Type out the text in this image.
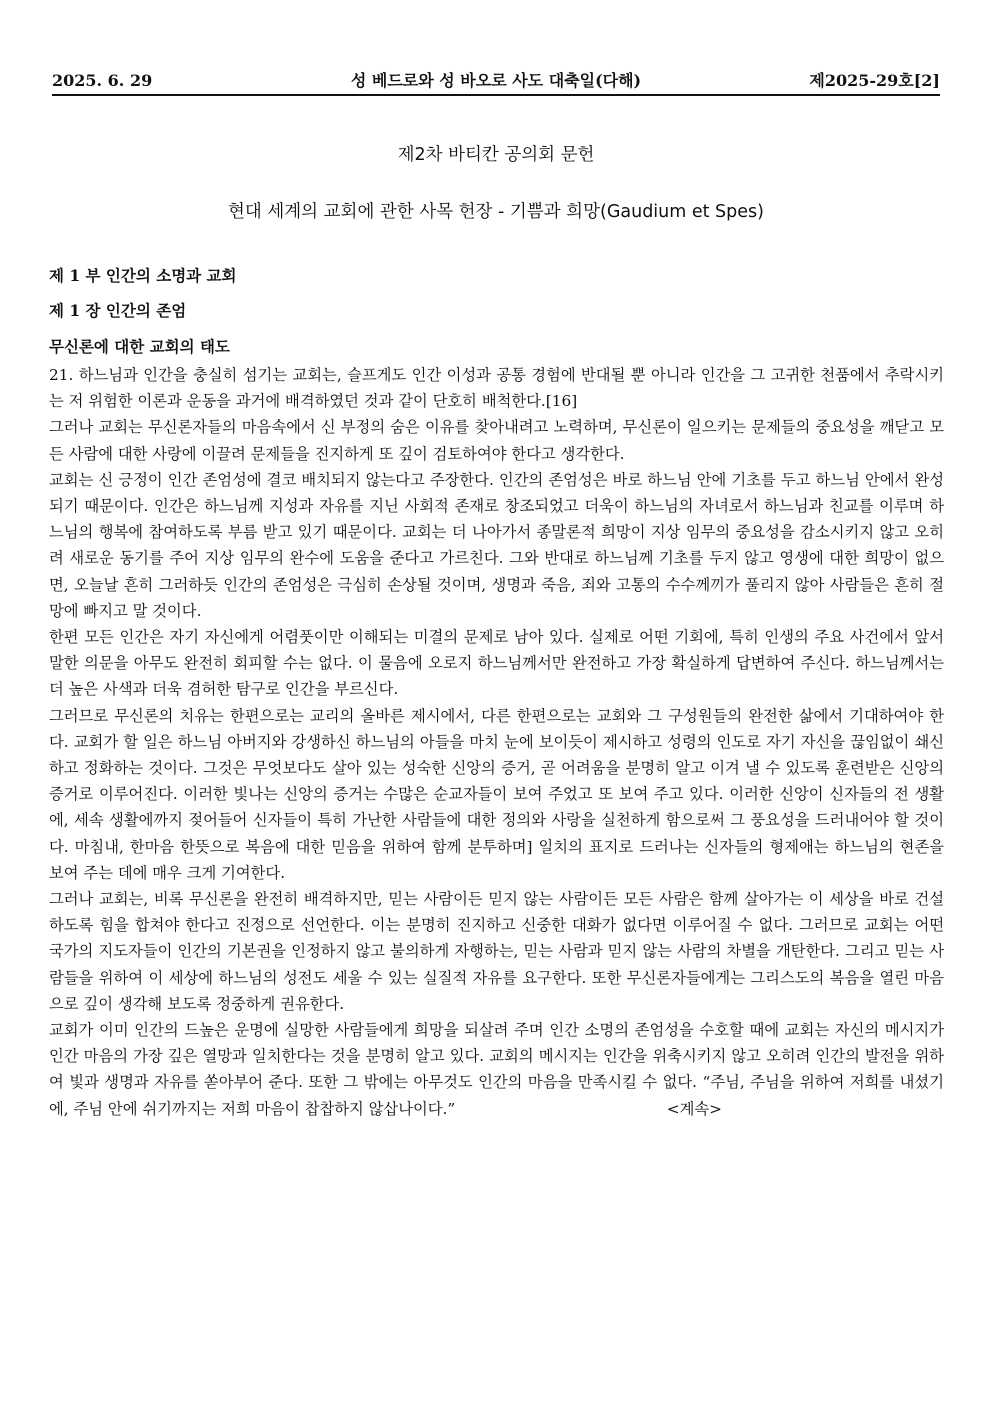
2025. 6. 29	성 베드로와 성 바오로 사도 대축일(다해)	제2025-29호[2]
제2차 바티칸 공의회 문헌
현대 세계의 교회에 관한 사목 헌장 - 기쁨과 희망(Gaudium et Spes)
제 1 부 인간의 소명과 교회
제 1 장 인간의 존엄
무신론에 대한 교회의 태도

21. 하느님과 인간을 충실히 섬기는 교회는, 슬프게도 인간 이성과 공통 경험에 반대될 뿐 아니라 인간을 그 고귀한 천품에서 추락시키는 저 위험한 이론과 운동을 과거에 배격하였던 것과 같이 단호히 배척한다.[16]

그러나 교회는 무신론자들의 마음속에서 신 부정의 숨은 이유를 찾아내려고 노력하며, 무신론이 일으키는 문제들의 중요성을 깨닫고 모든 사람에 대한 사랑에 이끌려 문제들을 진지하게 또 깊이 검토하여야 한다고 생각한다.

교회는 신 긍정이 인간 존엄성에 결코 배치되지 않는다고 주장한다. 인간의 존엄성은 바로 하느님 안에 기초를 두고 하느님 안에서 완성되기 때문이다. 인간은 하느님께 지성과 자유를 지닌 사회적 존재로 창조되었고 더욱이 하느님의 자녀로서 하느님과 친교를 이루며 하느님의 행복에 참여하도록 부름 받고 있기 때문이다. 교회는 더 나아가서 종말론적 희망이 지상 임무의 중요성을 감소시키지 않고 오히려 새로운 동기를 주어 지상 임무의 완수에 도움을 준다고 가르친다. 그와 반대로 하느님께 기초를 두지 않고 영생에 대한 희망이 없으면, 오늘날 흔히 그러하듯 인간의 존엄성은 극심히 손상될 것이며, 생명과 죽음, 죄와 고통의 수수께끼가 풀리지 않아 사람들은 흔히 절망에 빠지고 말 것이다.

한편 모든 인간은 자기 자신에게 어렴풋이만 이해되는 미결의 문제로 남아 있다. 실제로 어떤 기회에, 특히 인생의 주요 사건에서 앞서 말한 의문을 아무도 완전히 회피할 수는 없다. 이 물음에 오로지 하느님께서만 완전하고 가장 확실하게 답변하여 주신다. 하느님께서는 더 높은 사색과 더욱 겸허한 탐구로 인간을 부르신다.

그러므로 무신론의 치유는 한편으로는 교리의 올바른 제시에서, 다른 한편으로는 교회와 그 구성원들의 완전한 삶에서 기대하여야 한다. 교회가 할 일은 하느님 아버지와 강생하신 하느님의 아들을 마치 눈에 보이듯이 제시하고 성령의 인도로 자기 자신을 끊임없이 쇄신하고 정화하는 것이다. 그것은 무엇보다도 살아 있는 성숙한 신앙의 증거, 곧 어려움을 분명히 알고 이겨 낼 수 있도록 훈련받은 신앙의 증거로 이루어진다. 이러한 빛나는 신앙의 증거는 수많은 순교자들이 보여 주었고 또 보여 주고 있다. 이러한 신앙이 신자들의 전 생활에, 세속 생활에까지 젖어들어 신자들이 특히 가난한 사람들에 대한 정의와 사랑을 실천하게 함으로써 그 풍요성을 드러내어야 할 것이다. 마침내, 한마음 한뜻으로 복음에 대한 믿음을 위하여 함께 분투하며] 일치의 표지로 드러나는 신자들의 형제애는 하느님의 현존을 보여 주는 데에 매우 크게 기여한다.

그러나 교회는, 비록 무신론을 완전히 배격하지만, 믿는 사람이든 믿지 않는 사람이든 모든 사람은 함께 살아가는 이 세상을 바로 건설하도록 힘을 합쳐야 한다고 진정으로 선언한다. 이는 분명히 진지하고 신중한 대화가 없다면 이루어질 수 없다. 그러므로 교회는 어떤 국가의 지도자들이 인간의 기본권을 인정하지 않고 불의하게 자행하는, 믿는 사람과 믿지 않는 사람의 차별을 개탄한다. 그리고 믿는 사람들을 위하여 이 세상에 하느님의 성전도 세울 수 있는 실질적 자유를 요구한다. 또한 무신론자들에게는 그리스도의 복음을 열린 마음으로 깊이 생각해 보도록 정중하게 권유한다.

교회가 이미 인간의 드높은 운명에 실망한 사람들에게 희망을 되살려 주며 인간 소명의 존엄성을 수호할 때에 교회는 자신의 메시지가 인간 마음의 가장 깊은 열망과 일치한다는 것을 분명히 알고 있다. 교회의 메시지는 인간을 위축시키지 않고 오히려 인간의 발전을 위하여 빛과 생명과 자유를 쏟아부어 준다. 또한 그 밖에는 아무것도 인간의 마음을 만족시킬 수 없다. “주님, 주님을 위하여 저희를 내셨기에, 주님 안에 쉬기까지는 저희 마음이 찹찹하지 않삽나이다.”	<계속>
